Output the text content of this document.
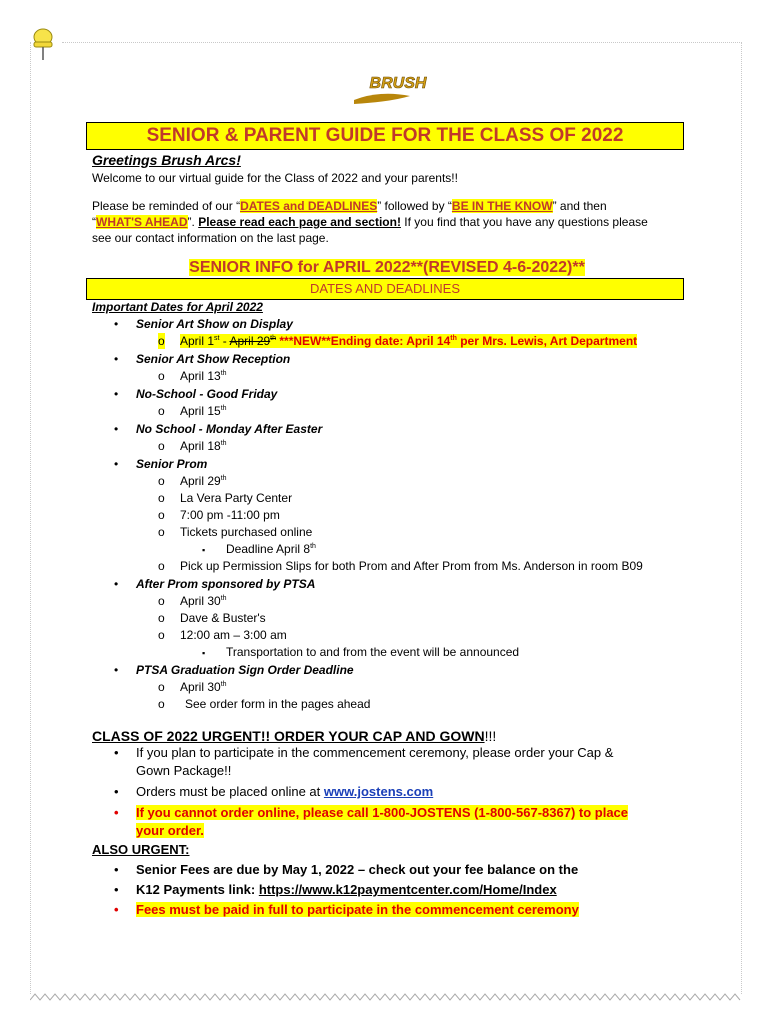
BRUSH
SENIOR & PARENT GUIDE FOR THE CLASS OF 2022
Greetings Brush Arcs!
Welcome to our virtual guide for the Class of 2022 and your parents!!
Please be reminded of our “DATES and DEADLINES” followed by “BE IN THE KNOW” and then
“WHAT'S AHEAD”. Please read each page and section! If you find that you have any questions please
see our contact information on the last page.
SENIOR INFO for APRIL 2022**(REVISED 4-6-2022)**
DATES AND DEADLINES
Important Dates for April 2022
• Senior Art Show on Display
o April 1st - April 29th ***NEW**Ending date: April 14th per Mrs. Lewis, Art Department
• Senior Art Show Reception
o April 13th
• No-School - Good Friday
o April 15th
• No School - Monday After Easter
o April 18th
• Senior Prom
o April 29th
o La Vera Party Center
o 7:00 pm -11:00 pm
o Tickets purchased online
▪ Deadline April 8th
o Pick up Permission Slips for both Prom and After Prom from Ms. Anderson in room B09
• After Prom sponsored by PTSA
o April 30th
o Dave & Buster's
o 12:00 am – 3:00 am
▪ Transportation to and from the event will be announced
• PTSA Graduation Sign Order Deadline
o April 30th
o See order form in the pages ahead
CLASS OF 2022 URGENT!! ORDER YOUR CAP AND GOWN!!!
• If you plan to participate in the commencement ceremony, please order your Cap &
Gown Package!!
• Orders must be placed online at www.jostens.com
• If you cannot order online, please call 1-800-JOSTENS (1-800-567-8367) to place
your order.
ALSO URGENT:
• Senior Fees are due by May 1, 2022 – check out your fee balance on the
• K12 Payments link: https://www.k12paymentcenter.com/Home/Index
• Fees must be paid in full to participate in the commencement ceremony
